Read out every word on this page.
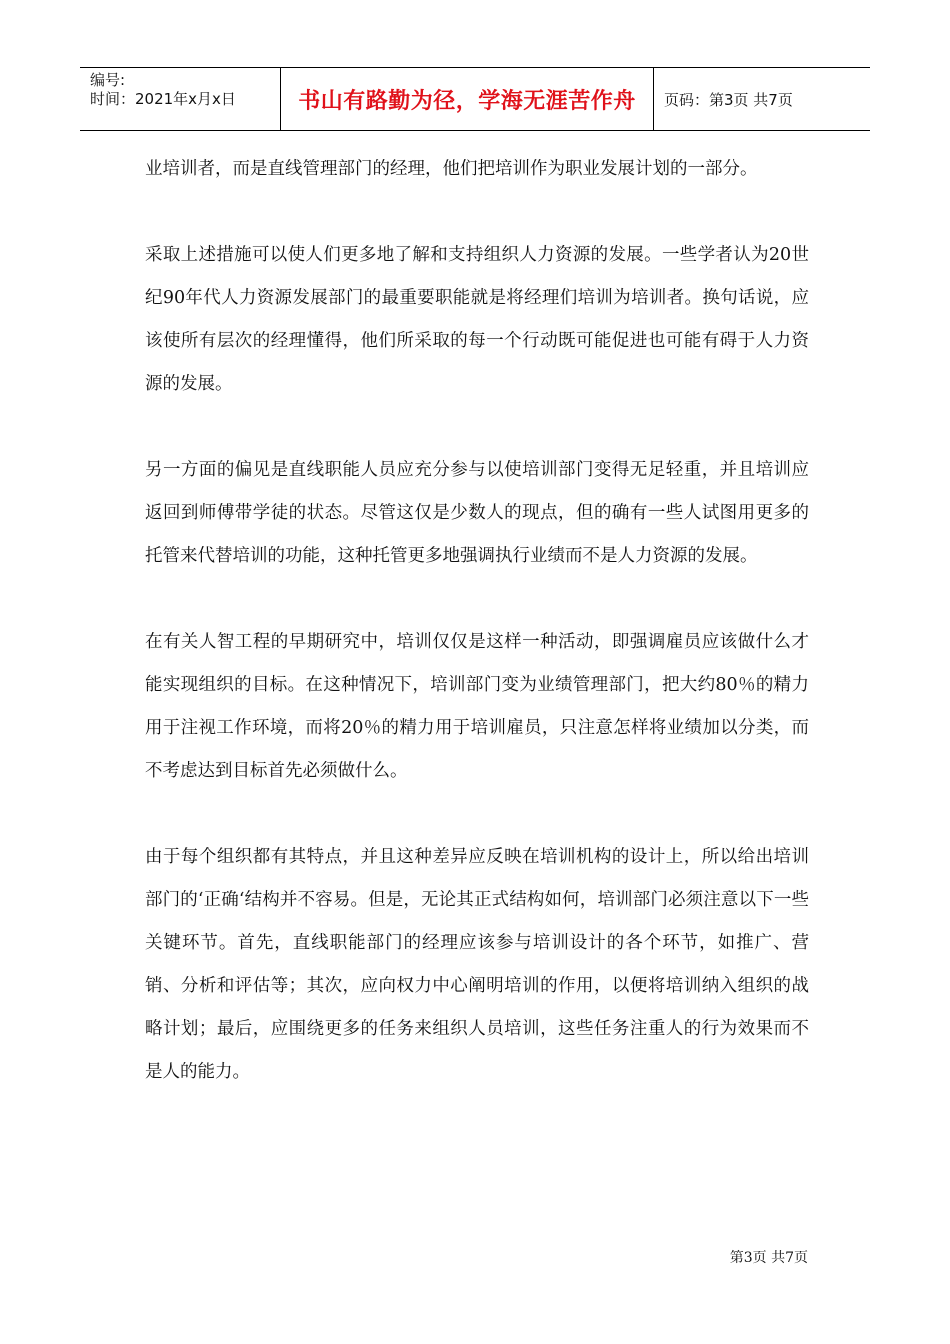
编号:
时间：2021年x月x日	书山有路勤为径，学海无涯苦作舟	页码：第3页 共7页

业培训者，而是直线管理部门的经理，他们把培训作为职业发展计划的一部分。

采取上述措施可以使人们更多地了解和支持组织人力资源的发展。一些学者认为20世纪90年代人力资源发展部门的最重要职能就是将经理们培训为培训者。换句话说，应该使所有层次的经理懂得，他们所采取的每一个行动既可能促进也可能有碍于人力资源的发展。

另一方面的偏见是直线职能人员应充分参与以使培训部门变得无足轻重，并且培训应返回到师傅带学徒的状态。尽管这仅是少数人的现点，但的确有一些人试图用更多的托管来代替培训的功能，这种托管更多地强调执行业绩而不是人力资源的发展。

在有关人智工程的早期研究中，培训仅仅是这样一种活动，即强调雇员应该做什么才能实现组织的目标。在这种情况下，培训部门变为业绩管理部门，把大约80％的精力用于注视工作环境，而将20％的精力用于培训雇员，只注意怎样将业绩加以分类，而不考虑达到目标首先必须做什么。

由于每个组织都有其特点，并且这种差异应反映在培训机构的设计上，所以给出培训部门的‘正确‘结构并不容易。但是，无论其正式结构如何，培训部门必须注意以下一些关键环节。首先，直线职能部门的经理应该参与培训设计的各个环节，如推广、营销、分析和评估等；其次，应向权力中心阐明培训的作用，以便将培训纳入组织的战略计划；最后，应围绕更多的任务来组织人员培训，这些任务注重人的行为效果而不是人的能力。

第3页 共7页
